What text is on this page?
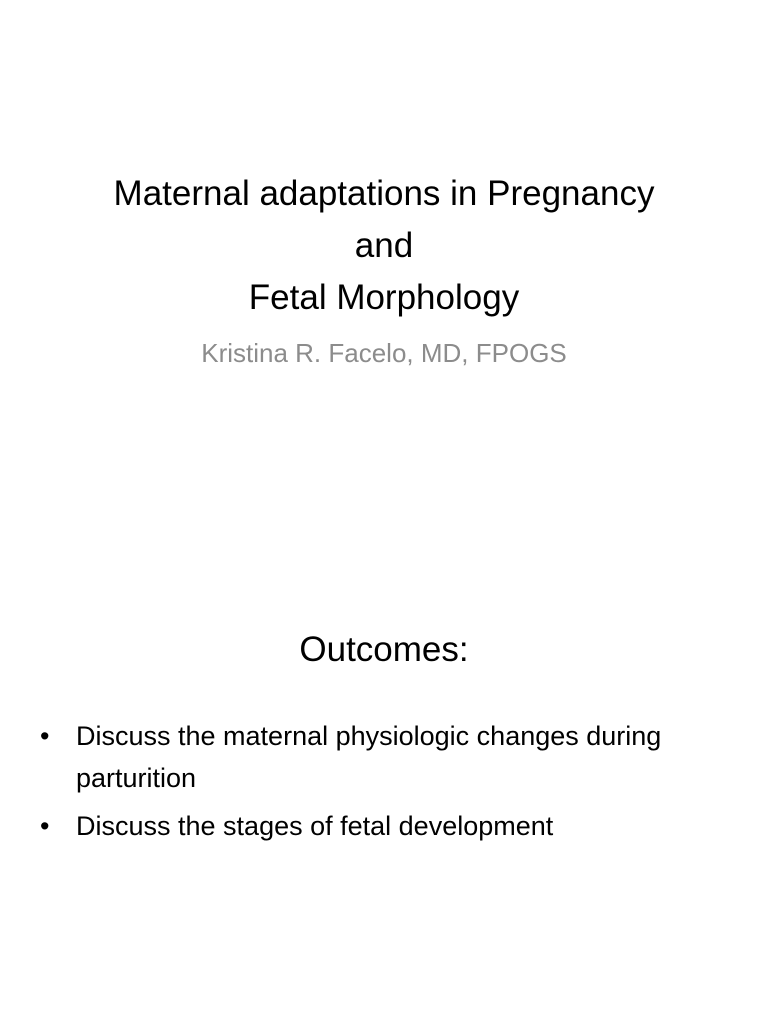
Maternal adaptations in Pregnancy
and
Fetal Morphology
Kristina R. Facelo, MD, FPOGS
Outcomes:
• Discuss the maternal physiologic changes during parturition
• Discuss the stages of fetal development
